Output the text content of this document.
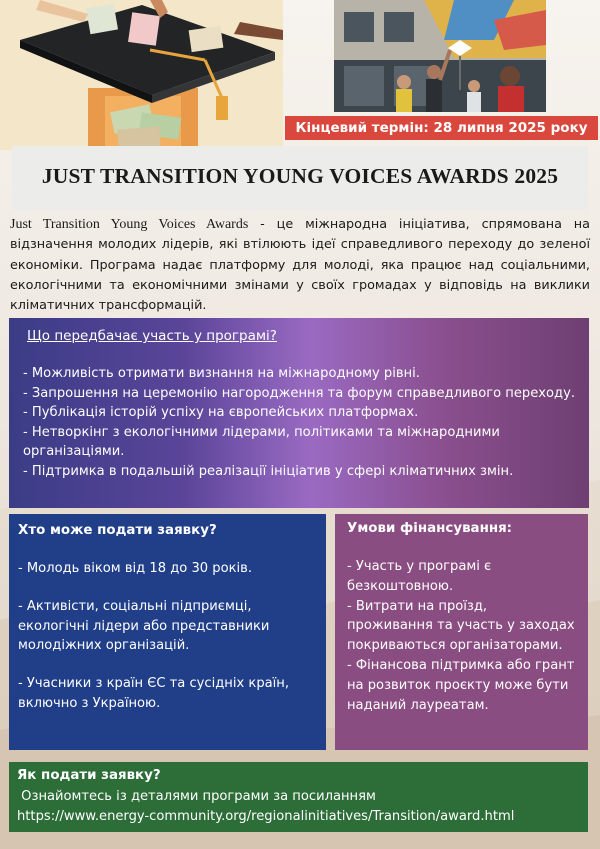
Кінцевий термін: 28 липня 2025 року
JUST TRANSITION YOUNG VOICES AWARDS 2025
Just Transition Young Voices Awards - це міжнародна ініціатива, спрямована на відзначення молодих лідерів, які втілюють ідеї справедливого переходу до зеленої економіки. Програма надає платформу для молоді, яка працює над соціальними, екологічними та економічними змінами у своїх громадах у відповідь на виклики кліматичних трансформацій.
Що передбачає участь у програмі?
- Можливість отримати визнання на міжнародному рівні.
- Запрошення на церемонію нагородження та форум справедливого переходу.
- Публікація історій успіху на європейських платформах.
- Нетворкінг з екологічними лідерами, політиками та міжнародними організаціями.
- Підтримка в подальшій реалізації ініціатив у сфері кліматичних змін.
Хто може подати заявку?

- Молодь віком від 18 до 30 років.

- Активісти, соціальні підприємці, екологічні лідери або представники молодіжних організацій.

- Учасники з країн ЄС та сусідніх країн, включно з Україною.

Умови фінансування:

- Участь у програмі є безкоштовною.

- Витрати на проїзд, проживання та участь у заходах покриваються організаторами.

- Фінансова підтримка або грант на розвиток проєкту може бути наданий лауреатам.

Як подати заявку?

Ознайомтесь із деталями програми за посиланням

https://www.energy-community.org/regionalinitiatives/Transition/award.html
